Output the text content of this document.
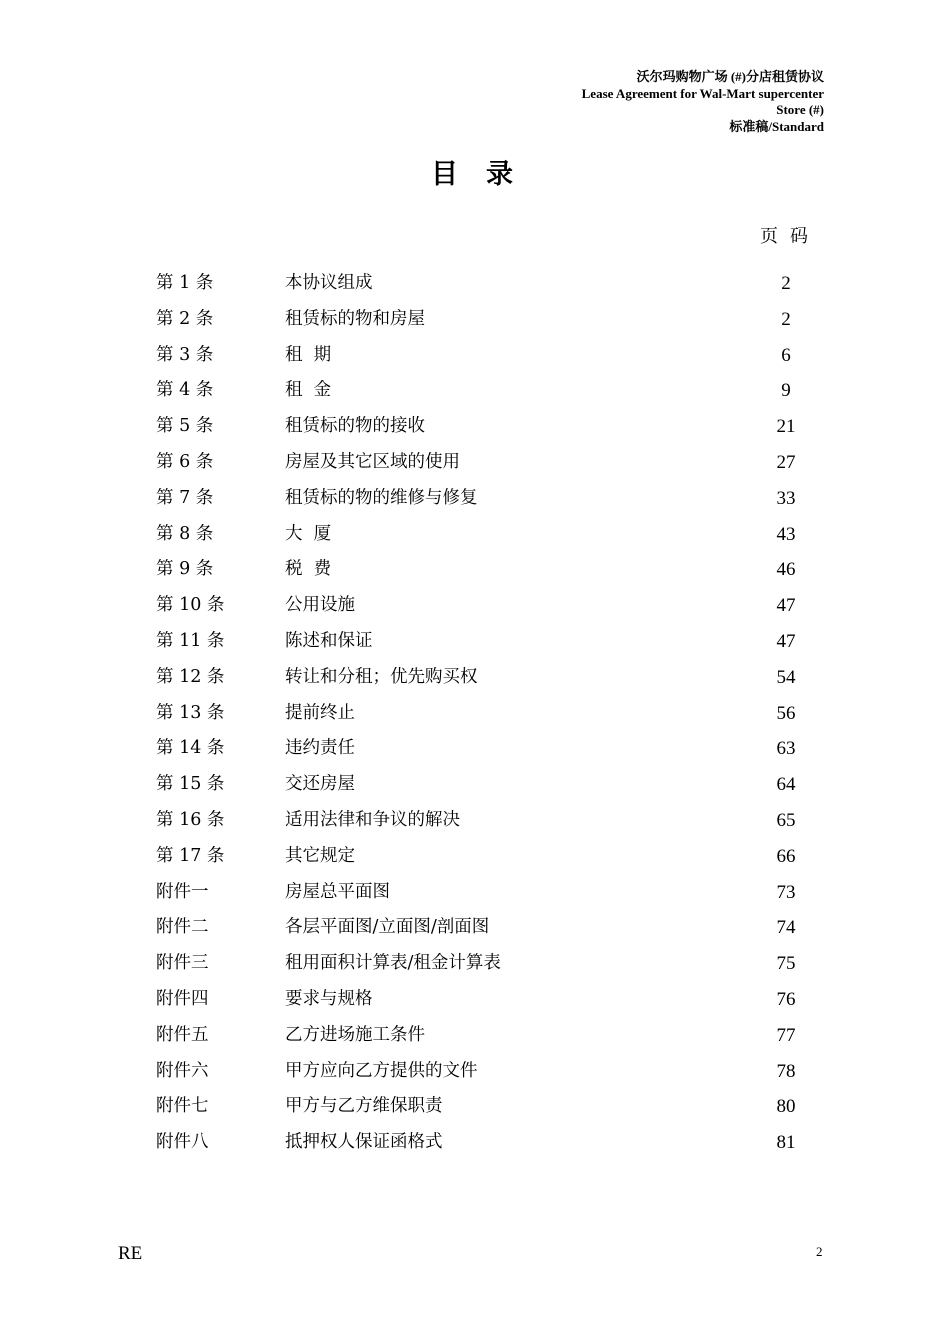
沃尔玛购物广场 (#)分店租赁协议
Lease Agreement for Wal-Mart supercenter
Store (#)
标准稿/Standard
目录
页码
第 1 条	本协议组成	2
第 2 条	租赁标的物和房屋	2
第 3 条	租  期	6
第 4 条	租  金	9
第 5 条	租赁标的物的接收	21
第 6 条	房屋及其它区域的使用	27
第 7 条	租赁标的物的维修与修复	33
第 8 条	大  厦	43
第 9 条	税  费	46
第 10 条	公用设施	47
第 11 条	陈述和保证	47
第 12 条	转让和分租；优先购买权	54
第 13 条	提前终止	56
第 14 条	违约责任	63
第 15 条	交还房屋	64
第 16 条	适用法律和争议的解决	65
第 17 条	其它规定	66
附件一	房屋总平面图	73
附件二	各层平面图/立面图/剖面图	74
附件三	租用面积计算表/租金计算表	75
附件四	要求与规格	76
附件五	乙方进场施工条件	77
附件六	甲方应向乙方提供的文件	78
附件七	甲方与乙方维保职责	80
附件八	抵押权人保证函格式	81
RE	2
